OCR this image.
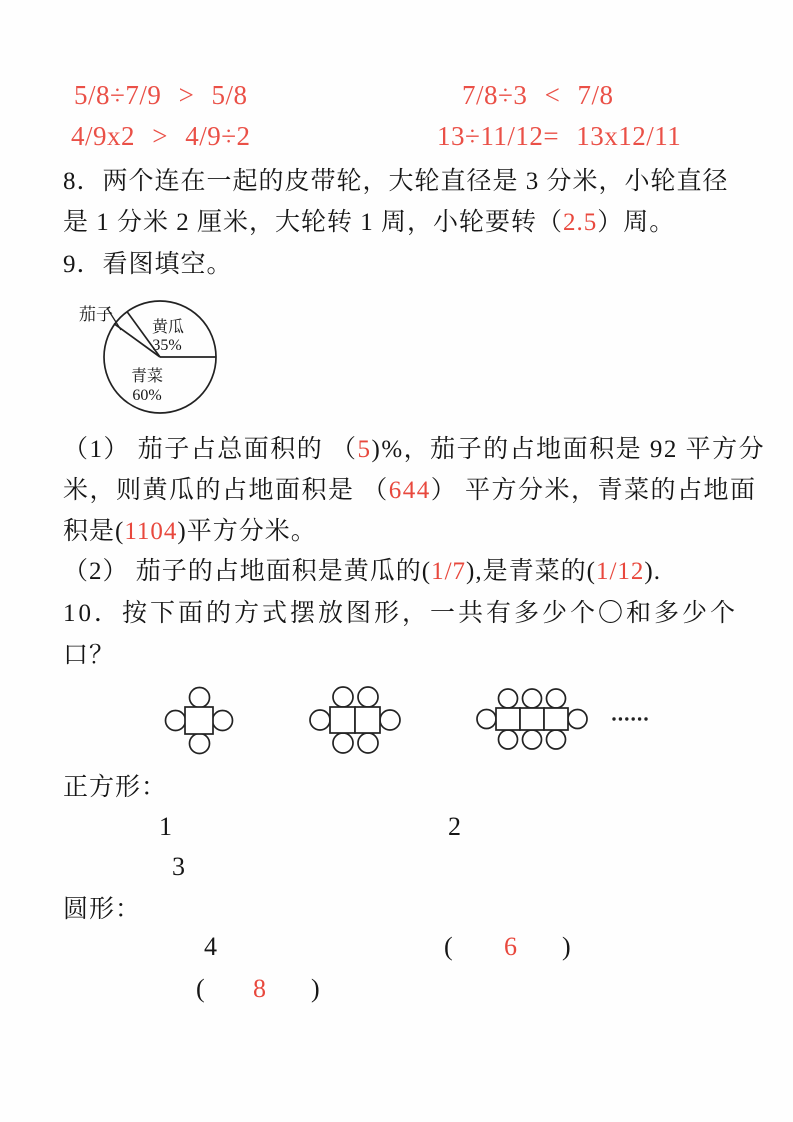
5/8÷7/9 > 5/8	7/8÷3 < 7/8
4/9x2 > 4/9÷2	13÷11/12= 13x12/11
8．两个连在一起的皮带轮，大轮直径是 3 分米，小轮直径
是 1 分米 2 厘米，大轮转 1 周，小轮要转（2.5）周。
9．看图填空。
茄子
黄瓜
35%
青菜
60%
（1） 茄子占总面积的 （5)%，茄子的占地面积是 92 平方分
米，则黄瓜的占地面积是 （644） 平方分米，青菜的占地面
积是(1104)平方分米。
（2） 茄子的占地面积是黄瓜的(1/7),是青菜的(1/12).
10．按下面的方式摆放图形，一共有多少个〇和多少个
口？
正方形：
1	2
3
圆形：
4	( 6 )
( 8 )
